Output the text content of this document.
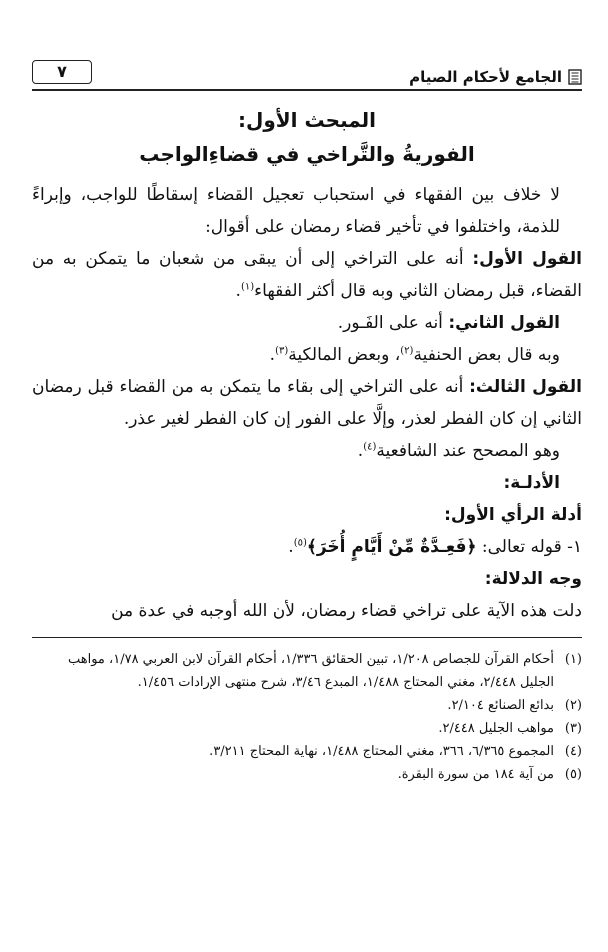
الجامع لأحكام الصيام
٧
المبحث الأول:
الفوريةُ والتَّراخي في قضاءِالواجب

لا خلاف بين الفقهاء في استحباب تعجيل القضاء إسقاطًا للواجب، وإبراءً للذمة، واختلفوا في تأخير قضاء رمضان على أقوال:

القول الأول: أنه على التراخي إلى أن يبقى من شعبان ما يتمكن به من القضاء، قبل رمضان الثاني وبه قال أكثر الفقهاء$^{(١)}$.

القول الثاني: أنه على الفَـور.

وبه قال بعض الحنفية$^{(٢)}$، وبعض المالكية$^{(٣)}$.

القول الثالث: أنه على التراخي إلى بقاء ما يتمكن به من القضاء قبل رمضان الثاني إن كان الفطر لعذر، وإلَّا على الفور إن كان الفطر لغير عذر.

وهو المصحح عند الشافعية$^{(٤)}$.

الأدلـة:

أدلة الرأي الأول:

١- قوله تعالى: ﴿فَعِـدَّةٌ مِّنْ أَيَّامٍ أُخَرَ﴾$^{(٥)}$.

وجه الدلالة:

دلت هذه الآية على تراخي قضاء رمضان، لأن الله أوجبه في عدة من

(١)
أحكام القرآن للجصاص ١/٢٠٨، تبين الحقائق ١/٣٣٦، أحكام القرآن لابن العربي ١/٧٨، مواهب الجليل ٢/٤٤٨، مغني المحتاج ١/٤٨٨، المبدع ٣/٤٦، شرح منتهى الإرادات ١/٤٥٦.
(٢)
بدائع الصنائع ٢/١٠٤.
(٣)
مواهب الجليل ٢/٤٤٨.
(٤)
المجموع ٦/٣٦٥، ٣٦٦، مغني المحتاج ١/٤٨٨، نهاية المحتاج ٣/٢١١.
(٥)
من آية ١٨٤ من سورة البقرة.
